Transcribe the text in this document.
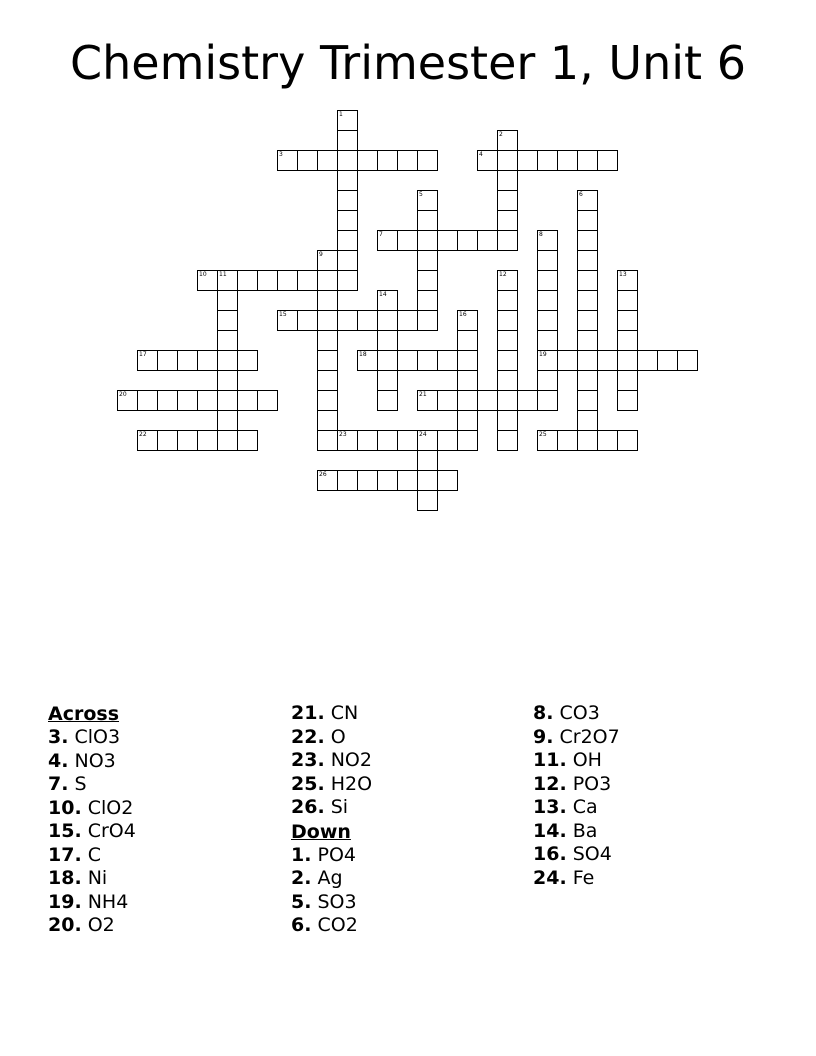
Chemistry Trimester 1, Unit 6
1
2
3	4
5	6
7	8
19
9
10 11	12	13
14
15	16
17	18
20	21
22	23	24	25
26
Across
3. ClO3
4. NO3
7. S
10. ClO2
15. CrO4
17. C
18. Ni
19. NH4
20. O2
21. CN
22. O
23. NO2
25. H2O
26. Si
Down
1. PO4
2. Ag
5. SO3
6. CO2
8. CO3
9. Cr2O7
11. OH
12. PO3
13. Ca
14. Ba
16. SO4
24. Fe
